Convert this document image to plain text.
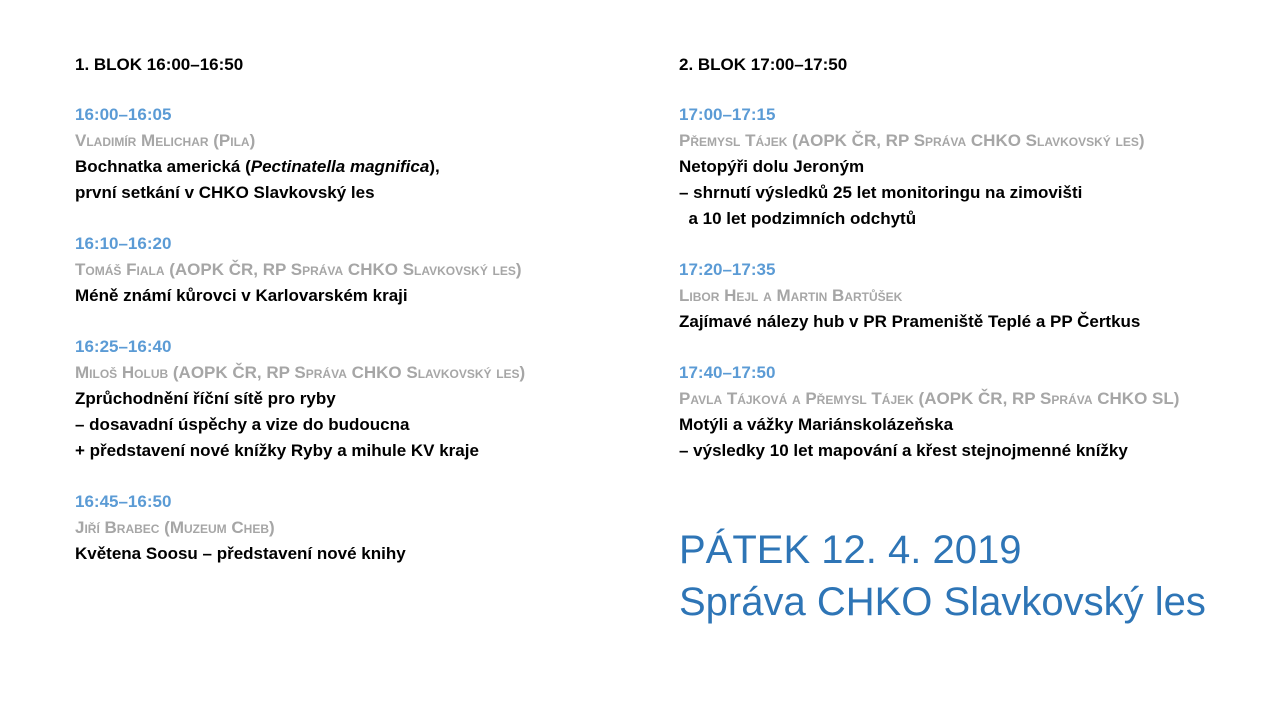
1. BLOK 16:00–16:50
16:00–16:05
Vladimír Melichar (Pila)
Bochnatka americká (Pectinatella magnifica),
první setkání v CHKO Slavkovský les
16:10–16:20
Tomáš Fiala (AOPK ČR, RP Správa CHKO Slavkovský les)
Méně známí kůrovci v Karlovarském kraji
16:25–16:40
Miloš Holub (AOPK ČR, RP Správa CHKO Slavkovský les)
Zprůchodnění říční sítě pro ryby
– dosavadní úspěchy a vize do budoucna
+ představení nové knížky Ryby a mihule KV kraje
16:45–16:50
Jiří Brabec (Muzeum Cheb)
Květena Soosu – představení nové knihy
2. BLOK 17:00–17:50
17:00–17:15
Přemysl Tájek (AOPK ČR, RP Správa CHKO Slavkovský les)
Netopýři dolu Jeroným
– shrnutí výsledků 25 let monitoringu na zimovišti
a 10 let podzimních odchytů
17:20–17:35
Libor Hejl a Martin Bartůšek
Zajímavé nálezy hub v PR Prameniště Teplé a PP Čertkus
17:40–17:50
Pavla Tájková a Přemysl Tájek (AOPK ČR, RP Správa CHKO SL)
Motýli a vážky Mariánskolázeňska
– výsledky 10 let mapování a křest stejnojmenné knížky
PÁTEK 12. 4. 2019
Správa CHKO Slavkovský les
